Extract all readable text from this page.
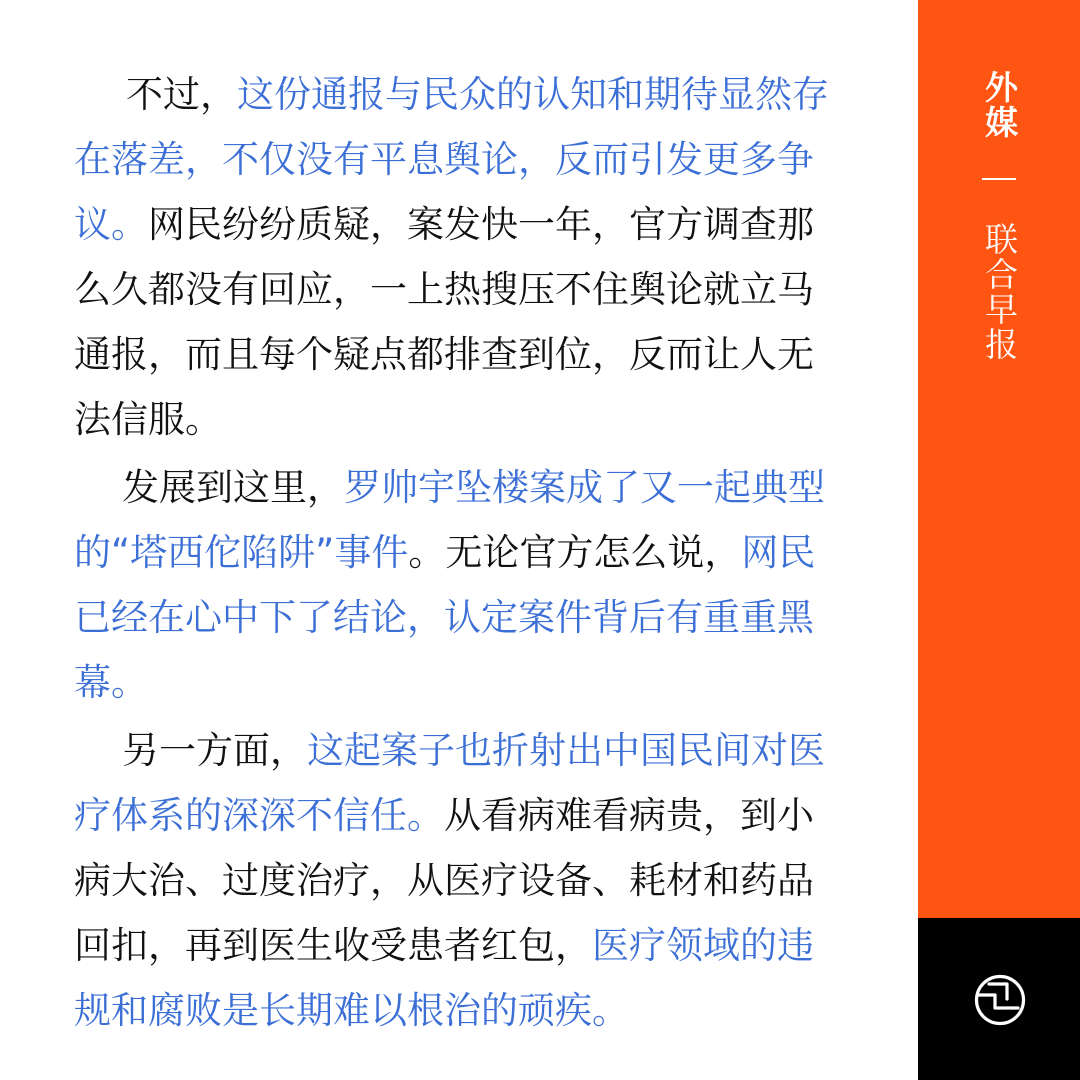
不过，这份通报与民众的认知和期待显然存在落差，不仅没有平息舆论，反而引发更多争议。网民纷纷质疑，案发快一年，官方调查那么久都没有回应，一上热搜压不住舆论就立马通报，而且每个疑点都排查到位，反而让人无法信服。

发展到这里，罗帅宇坠楼案成了又一起典型的“塔西佗陷阱”事件。无论官方怎么说，网民已经在心中下了结论，认定案件背后有重重黑幕。

另一方面，这起案子也折射出中国民间对医疗体系的深深不信任。从看病难看病贵，到小病大治、过度治疗，从医疗设备、耗材和药品回扣，再到医生收受患者红包，医疗领域的违规和腐败是长期难以根治的顽疾。

外媒
联合早报
